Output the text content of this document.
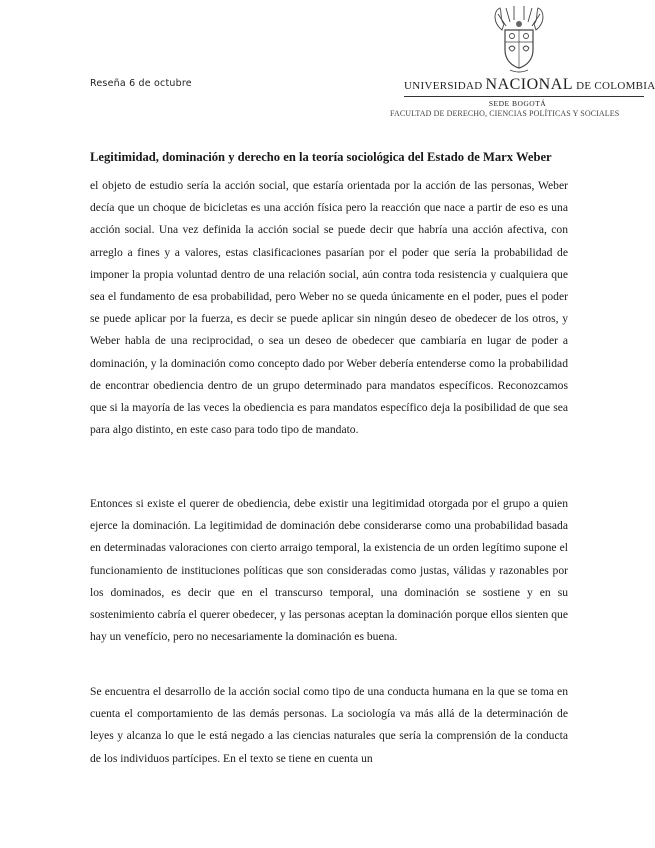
Reseña 6 de octubre	UNIVERSIDAD NACIONAL DE COLOMBIA
SEDE BOGOTÁ
FACULTAD DE DERECHO, CIENCIAS POLÍTICAS Y SOCIALES
Legitimidad, dominación y derecho en la teoría sociológica del Estado de Marx Weber

el objeto de estudio sería la acción social, que estaría orientada por la acción de las personas, Weber decía que un choque de bicicletas es una acción física pero la reacción que nace a partir de eso es una acción social. Una vez definida la acción social se puede decir que habría una acción afectiva, con arreglo a fines y a valores, estas clasificaciones pasarían por el poder que sería la probabilidad de imponer la propia voluntad dentro de una relación social, aún contra toda resistencia y cualquiera que sea el fundamento de esa probabilidad, pero Weber no se queda únicamente en el poder, pues el poder se puede aplicar por la fuerza, es decir se puede aplicar sin ningún deseo de obedecer de los otros, y Weber habla de una reciprocidad, o sea un deseo de obedecer que cambiaría en lugar de poder a dominación, y la dominación como concepto dado por Weber debería entenderse como la probabilidad de encontrar obediencia dentro de un grupo determinado para mandatos específicos. Reconozcamos que si la mayoría de las veces la obediencia es para mandatos específico deja la posibilidad de que sea para algo distinto, en este caso para todo tipo de mandato.

Entonces si existe el querer de obediencia, debe existir una legitimidad otorgada por el grupo a quien ejerce la dominación. La legitimidad de dominación debe considerarse como una probabilidad basada en determinadas valoraciones con cierto arraigo temporal, la existencia de un orden legítimo supone el funcionamiento de instituciones políticas que son consideradas como justas, válidas y razonables por los dominados, es decir que en el transcurso temporal, una dominación se sostiene y en su sostenimiento cabría el querer obedecer, y las personas aceptan la dominación porque ellos sienten que hay un venefício, pero no necesariamente la dominación es buena.

Se encuentra el desarrollo de la acción social como tipo de una conducta humana en la que se toma en cuenta el comportamiento de las demás personas. La sociología va más allá de la determinación de leyes y alcanza lo que le está negado a las ciencias naturales que sería la comprensión de la conducta de los individuos partícipes. En el texto se tiene en cuenta un
